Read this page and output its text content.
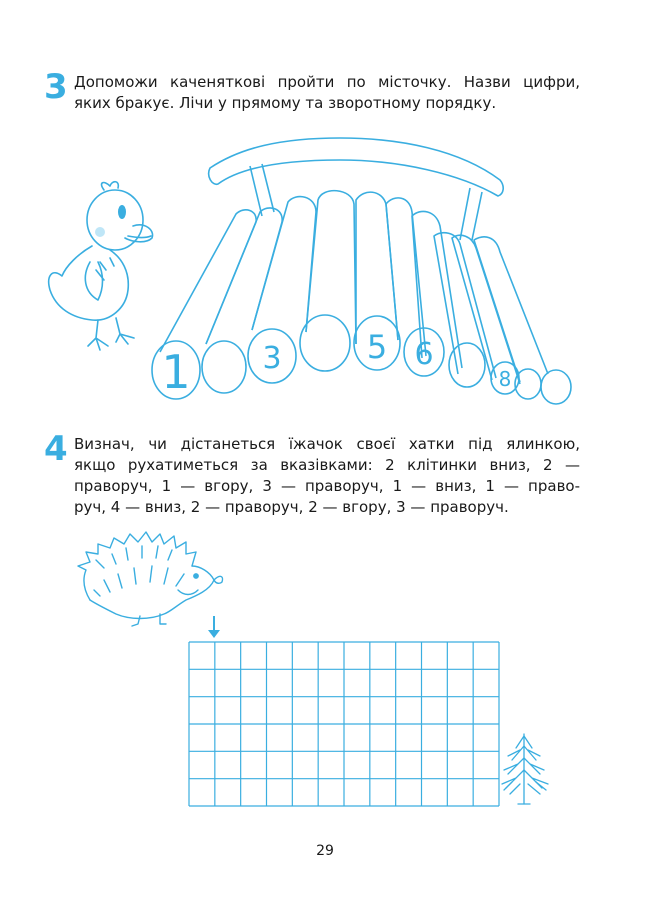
3 Допоможи каченяткові пройти по місточку. Назви цифри,
яких бракує. Лічи у прямому та зворотному порядку.
1 3	5 6
8
4 Визнач, чи дістанеться їжачок своєї хатки під ялинкою,
якщо рухатиметься за вказівками: 2 клітинки вниз, 2 —
праворуч, 1 — вгору, 3 — праворуч, 1 — вниз, 1 — право-
руч, 4 — вниз, 2 — праворуч, 2 — вгору, 3 — праворуч.
29
